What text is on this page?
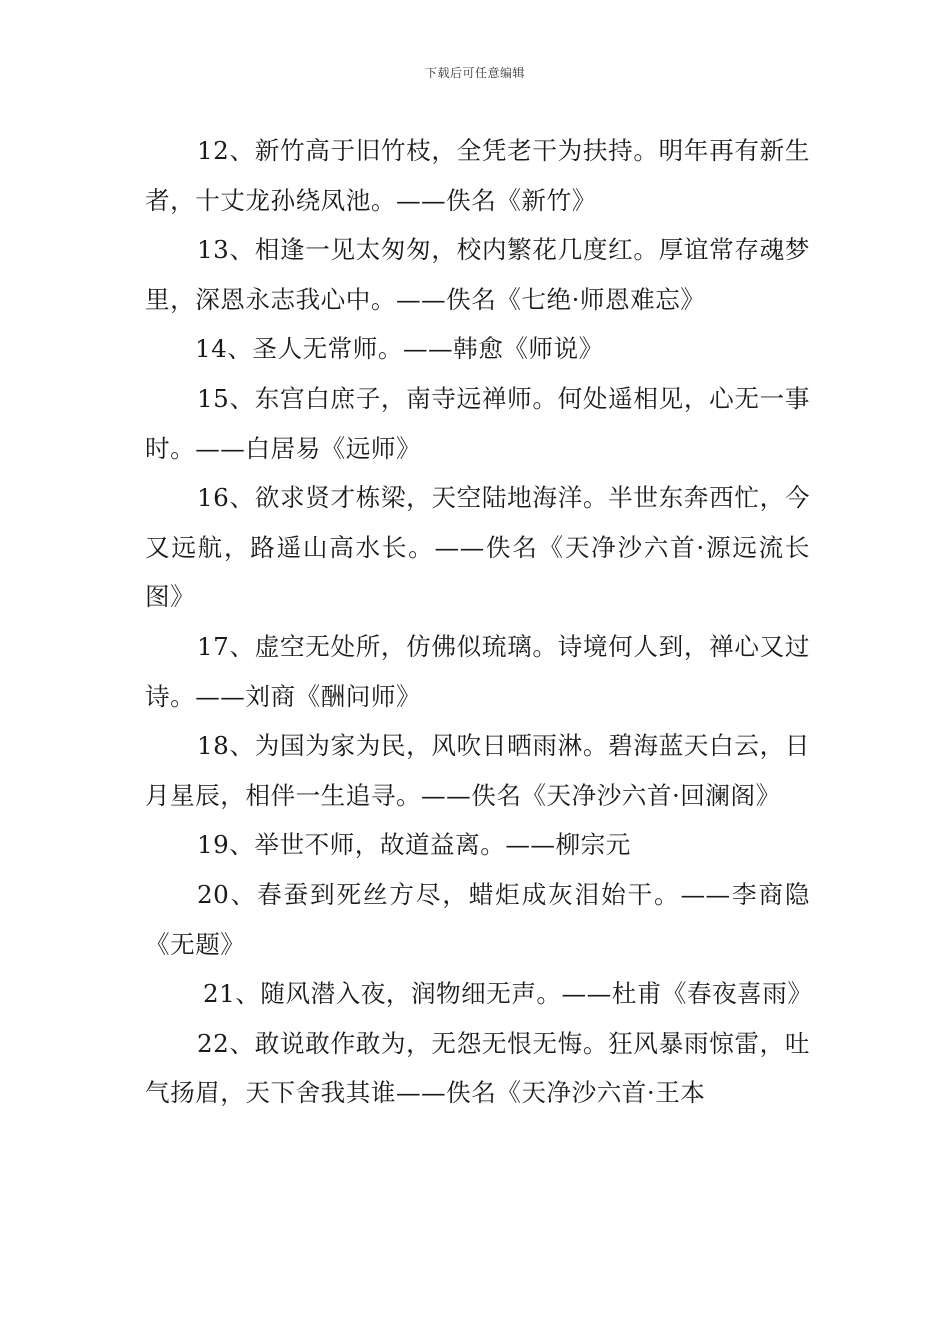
下载后可任意编辑

12、新竹高于旧竹枝，全凭老干为扶持。明年再有新生者，十丈龙孙绕凤池。——佚名《新竹》

13、相逢一见太匆匆，校内繁花几度红。厚谊常存魂梦里，深恩永志我心中。——佚名《七绝·师恩难忘》

14、圣人无常师。——韩愈《师说》

15、东宫白庶子，南寺远禅师。何处遥相见，心无一事时。——白居易《远师》

16、欲求贤才栋梁，天空陆地海洋。半世东奔西忙，今又远航，路遥山高水长。——佚名《天净沙六首·源远流长图》

17、虚空无处所，仿佛似琉璃。诗境何人到，禅心又过诗。——刘商《酬问师》

18、为国为家为民，风吹日晒雨淋。碧海蓝天白云，日月星辰，相伴一生追寻。——佚名《天净沙六首·回澜阁》

19、举世不师，故道益离。——柳宗元

20、春蚕到死丝方尽，蜡炬成灰泪始干。——李商隐《无题》

21、随风潜入夜，润物细无声。——杜甫《春夜喜雨》

22、敢说敢作敢为，无怨无恨无悔。狂风暴雨惊雷，吐气扬眉，天下舍我其谁——佚名《天净沙六首·王本
